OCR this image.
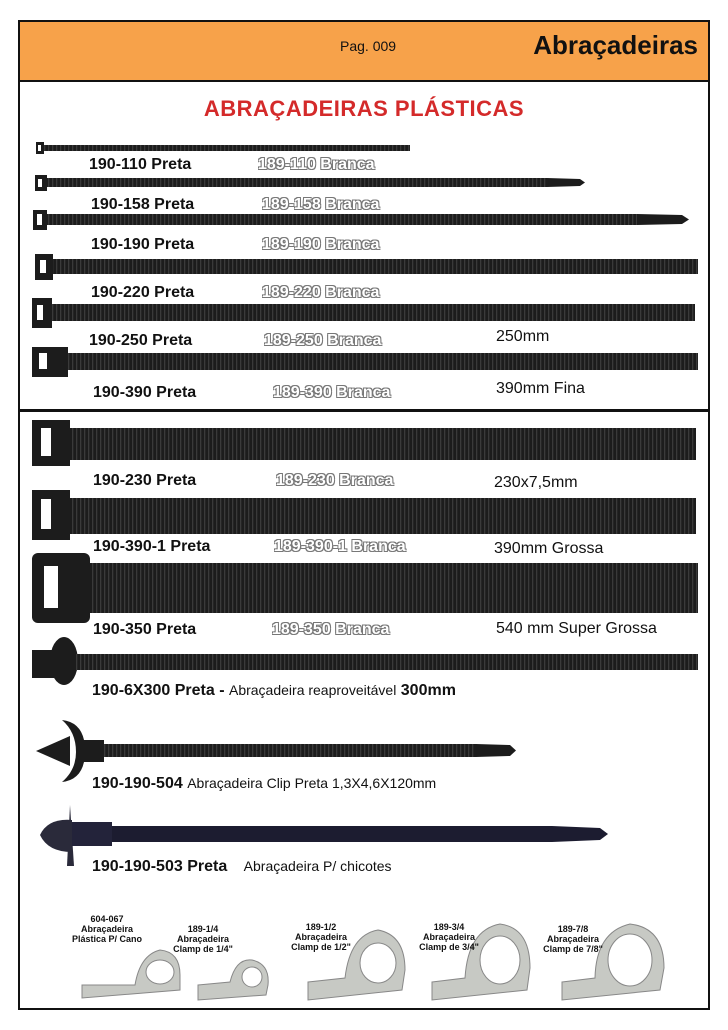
Pag. 009	Abraçadeiras
ABRAÇADEIRAS PLÁSTICAS
190-110 Preta	189-110 Branca
190-158 Preta	189-158 Branca
190-190 Preta	189-190 Branca
190-220 Preta	189-220 Branca
190-250 Preta	189-250 Branca	250mm
190-390 Preta	189-390 Branca	390mm Fina
190-230 Preta	189-230 Branca	230x7,5mm
190-390-1 Preta	189-390-1 Branca	390mm Grossa
190-350 Preta	189-350 Branca	540 mm Super Grossa
190-6X300 Preta - Abraçadeira reaproveitável 300mm
190-190-504 Abraçadeira Clip Preta 1,3X4,6X120mm
190-190-503 Preta Abraçadeira P/ chicotes
604-067
Abraçadeira
Plástica P/ Cano
189-1/4
Abraçadeira
Clamp de 1/4"
189-1/2
Abraçadeira
Clamp de 1/2"
189-3/4
Abraçadeira
Clamp de 3/4"
189-7/8
Abraçadeira
Clamp de 7/8"
